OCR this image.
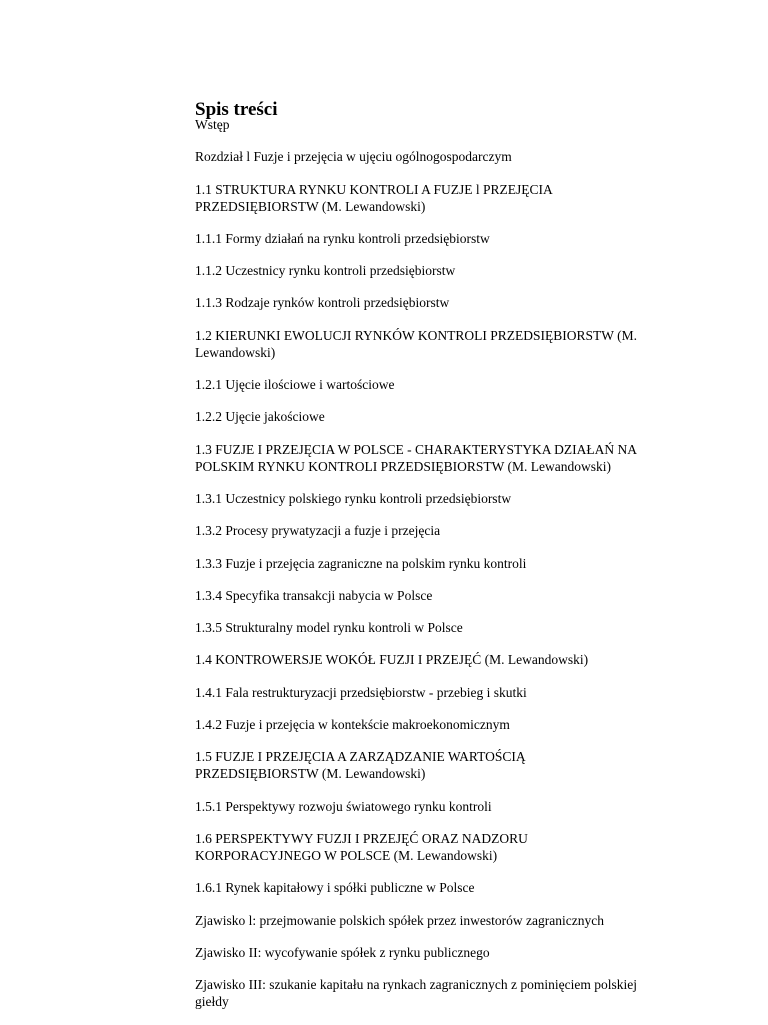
Spis treści
Wstęp
Rozdział l Fuzje i przejęcia w ujęciu ogólnogospodarczym
1.1 STRUKTURA RYNKU KONTROLI A FUZJE l PRZEJĘCIA
PRZEDSIĘBIORSTW (M. Lewandowski)
1.1.1 Formy działań na rynku kontroli przedsiębiorstw
1.1.2 Uczestnicy rynku kontroli przedsiębiorstw
1.1.3 Rodzaje rynków kontroli przedsiębiorstw
1.2 KIERUNKI EWOLUCJI RYNKÓW KONTROLI PRZEDSIĘBIORSTW (M.
Lewandowski)
1.2.1 Ujęcie ilościowe i wartościowe
1.2.2 Ujęcie jakościowe
1.3 FUZJE I PRZEJĘCIA W POLSCE - CHARAKTERYSTYKA DZIAŁAŃ NA
POLSKIM RYNKU KONTROLI PRZEDSIĘBIORSTW (M. Lewandowski)
1.3.1 Uczestnicy polskiego rynku kontroli przedsiębiorstw
1.3.2 Procesy prywatyzacji a fuzje i przejęcia
1.3.3 Fuzje i przejęcia zagraniczne na polskim rynku kontroli
1.3.4 Specyfika transakcji nabycia w Polsce
1.3.5 Strukturalny model rynku kontroli w Polsce
1.4 KONTROWERSJE WOKÓŁ FUZJI I PRZEJĘĆ (M. Lewandowski)
1.4.1 Fala restrukturyzacji przedsiębiorstw - przebieg i skutki
1.4.2 Fuzje i przejęcia w kontekście makroekonomicznym
1.5 FUZJE I PRZEJĘCIA A ZARZĄDZANIE WARTOŚCIĄ
PRZEDSIĘBIORSTW (M. Lewandowski)
1.5.1 Perspektywy rozwoju światowego rynku kontroli
1.6 PERSPEKTYWY FUZJI I PRZEJĘĆ ORAZ NADZORU
KORPORACYJNEGO W POLSCE (M. Lewandowski)
1.6.1 Rynek kapitałowy i spółki publiczne w Polsce
Zjawisko l: przejmowanie polskich spółek przez inwestorów zagranicznych
Zjawisko II: wycofywanie spółek z rynku publicznego
Zjawisko III: szukanie kapitału na rynkach zagranicznych z pominięciem polskiej
giełdy
